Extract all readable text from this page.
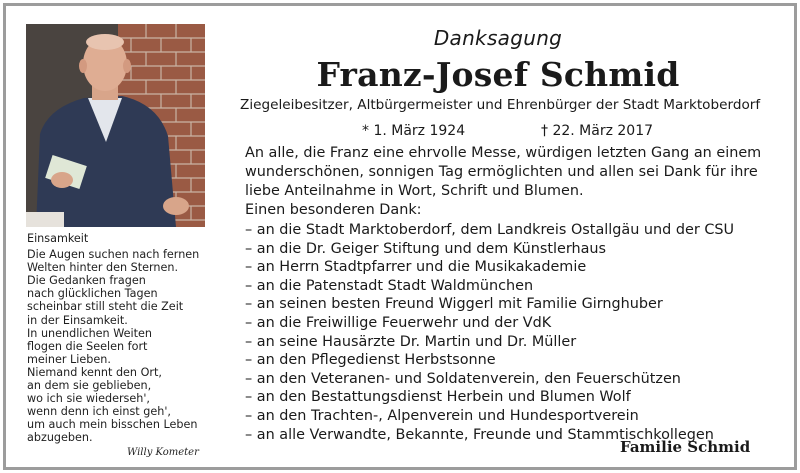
Einsamkeit
Die Augen suchen nach fernen
Welten hinter den Sternen.
Die Gedanken fragen
nach glücklichen Tagen
scheinbar still steht die Zeit
in der Einsamkeit.
In unendlichen Weiten
flogen die Seelen fort
meiner Lieben.
Niemand kennt den Ort,
an dem sie geblieben,
wo ich sie wiederseh',
wenn denn ich einst geh',
um auch mein bisschen Leben
abzugeben.
Willy Kometer
Danksagung
Franz-Josef Schmid
Ziegeleibesitzer, Altbürgermeister und Ehrenbürger der Stadt Marktoberdorf
* 1. März 1924	† 22. März 2017
An alle, die Franz eine ehrvolle Messe, würdigen letzten Gang an einem wunderschönen, sonnigen Tag ermöglichten und allen sei Dank für ihre liebe Anteilnahme in Wort, Schrift und Blumen.
Einen besonderen Dank:
– an die Stadt Marktoberdorf, dem Landkreis Ostallgäu und der CSU
– an die Dr. Geiger Stiftung und dem Künstlerhaus
– an Herrn Stadtpfarrer und die Musikakademie
– an die Patenstadt Stadt Waldmünchen
– an seinen besten Freund Wiggerl mit Familie Girnghuber
– an die Freiwillige Feuerwehr und der VdK
– an seine Hausärzte Dr. Martin und Dr. Müller
– an den Pflegedienst Herbstsonne
– an den Veteranen- und Soldatenverein, den Feuerschützen
– an den Bestattungsdienst Herbein und Blumen Wolf
– an den Trachten-, Alpenverein und Hundesportverein
– an alle Verwandte, Bekannte, Freunde und Stammtischkollegen
Familie Schmid
